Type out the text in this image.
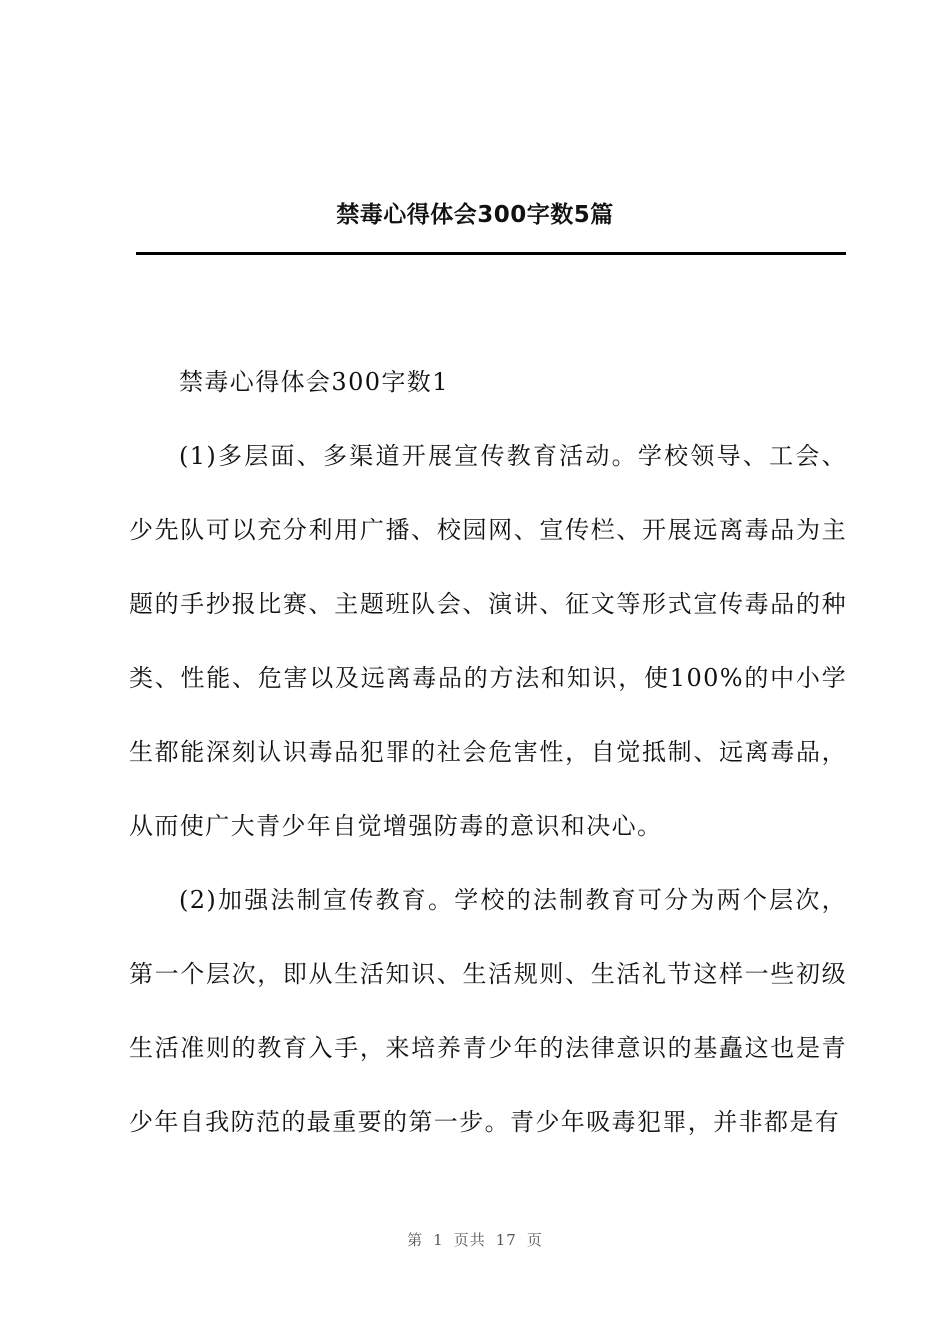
禁毒心得体会300字数5篇

禁毒心得体会300字数1

(1)多层面、多渠道开展宣传教育活动。学校领导、工会、少先队可以充分利用广播、校园网、宣传栏、开展远离毒品为主题的手抄报比赛、主题班队会、演讲、征文等形式宣传毒品的种类、性能、危害以及远离毒品的方法和知识，使100%的中小学生都能深刻认识毒品犯罪的社会危害性，自觉抵制、远离毒品，从而使广大青少年自觉增强防毒的意识和决心。

(2)加强法制宣传教育。学校的法制教育可分为两个层次，第一个层次，即从生活知识、生活规则、生活礼节这样一些初级生活准则的教育入手，来培养青少年的法律意识的基矗这也是青少年自我防范的最重要的第一步。青少年吸毒犯罪，并非都是有

第 1 页共 17 页
